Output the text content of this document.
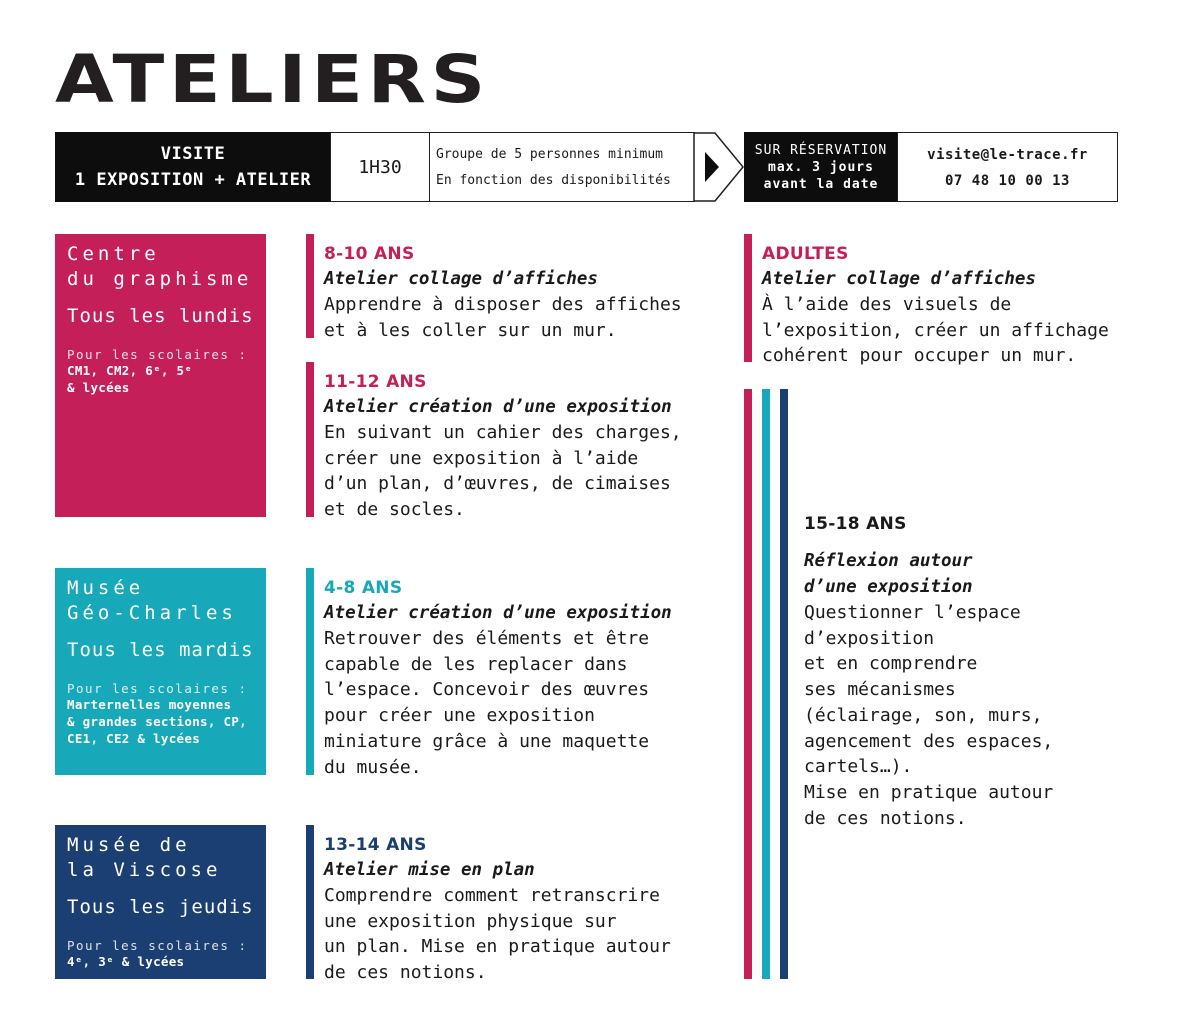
ATELIERS
VISITE
1 EXPOSITION + ATELIER
1H30
Groupe de 5 personnes minimum
En fonction des disponibilités
SUR RÉSERVATION
max. 3 jours
avant la date
visite@le-trace.fr
07 48 10 00 13
Centre
du graphisme
Tous les lundis
Pour les scolaires :
CM1, CM2, 6ᵉ, 5ᵉ
& lycées
Musée
Géo-Charles
Tous les mardis
Pour les scolaires :
Marternelles moyennes
& grandes sections, CP,
CE1, CE2 & lycées
Musée de
la Viscose
Tous les jeudis
Pour les scolaires :
4ᵉ, 3ᵉ & lycées
8-10 ANS
Atelier collage d’affiches
Apprendre à disposer des affiches
et à les coller sur un mur.
11-12 ANS
Atelier création d’une exposition
En suivant un cahier des charges,
créer une exposition à l’aide
d’un plan, d’œuvres, de cimaises
et de socles.
4-8 ANS
Atelier création d’une exposition
Retrouver des éléments et être
capable de les replacer dans
l’espace. Concevoir des œuvres
pour créer une exposition
miniature grâce à une maquette
du musée.
13-14 ANS
Atelier mise en plan
Comprendre comment retranscrire
une exposition physique sur
un plan. Mise en pratique autour
de ces notions.
ADULTES
Atelier collage d’affiches
À l’aide des visuels de
l’exposition, créer un affichage
cohérent pour occuper un mur.
15-18 ANS
Réflexion autour
d’une exposition
Questionner l’espace
d’exposition
et en comprendre
ses mécanismes
(éclairage, son, murs,
agencement des espaces,
cartels…).
Mise en pratique autour
de ces notions.
